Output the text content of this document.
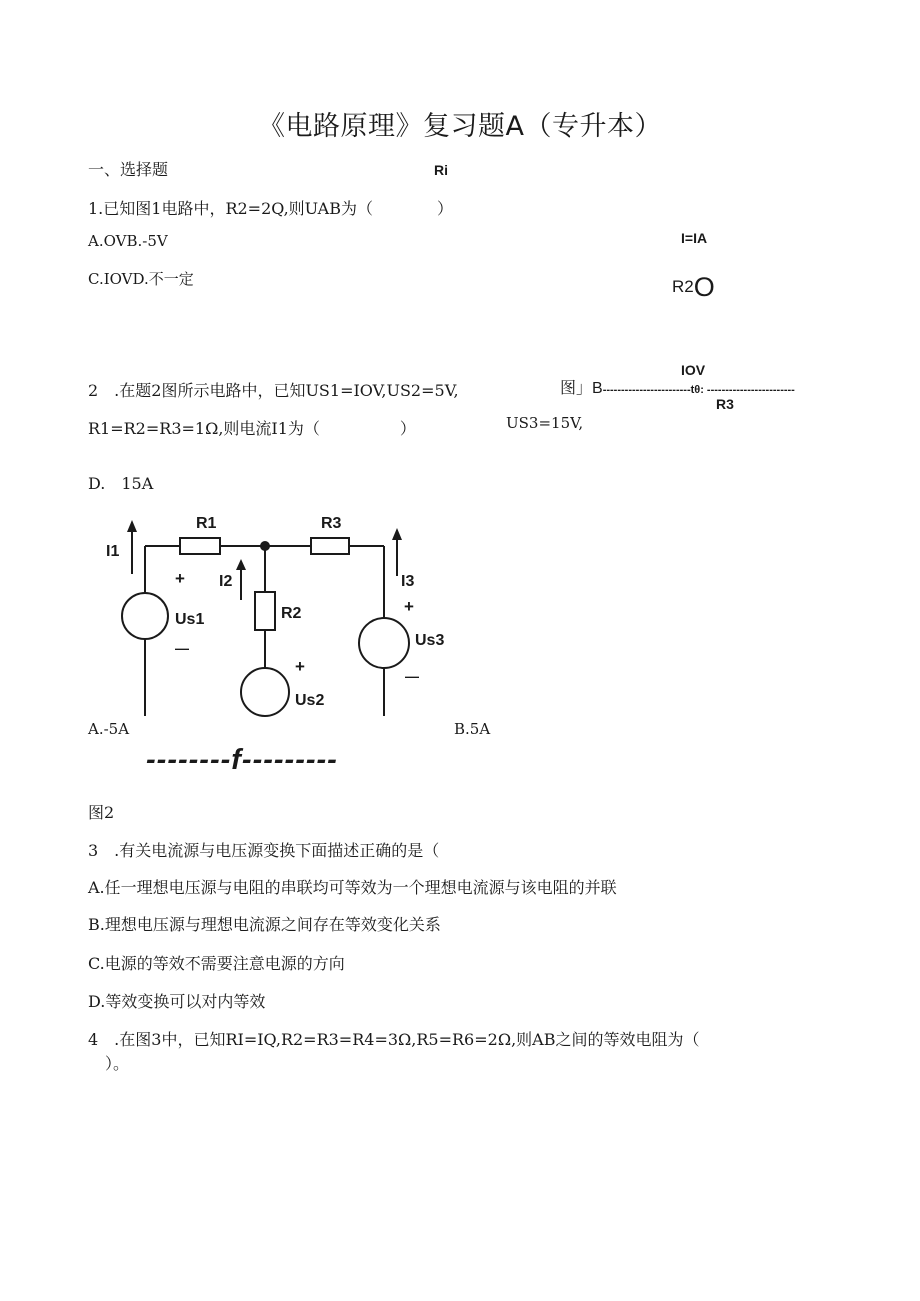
《电路原理》复习题A（专升本）
一、选择题	Ri
1.已知图1电路中，R2=2Q,则UAB为（　　　　）
A.OVB.-5V	I=IA
C.IOVD.不一定	R2O
IOV
2　.在题2图所示电路中，已知US1=IOV,US2=5V,	图」B------------------------tθ: ------------------------
R3
R1=R2=R3=1Ω,则电流I1为（　　　　　）	US3=15V,
D.　15A
I1
R1	R3
I2
R2
I3
+
Us1
—
+
Us2
+
Us3
—
A.-5A	B.5A
--------f---------
图2
3　.有关电流源与电压源变换下面描述正确的是（
A.任一理想电压源与电阻的串联均可等效为一个理想电流源与该电阻的并联
B.理想电压源与理想电流源之间存在等效变化关系
C.电源的等效不需要注意电源的方向
D.等效变换可以对内等效
4　.在图3中，已知RI=IQ,R2=R3=R4=3Ω,R5=R6=2Ω,则AB之间的等效电阻为（
）。
